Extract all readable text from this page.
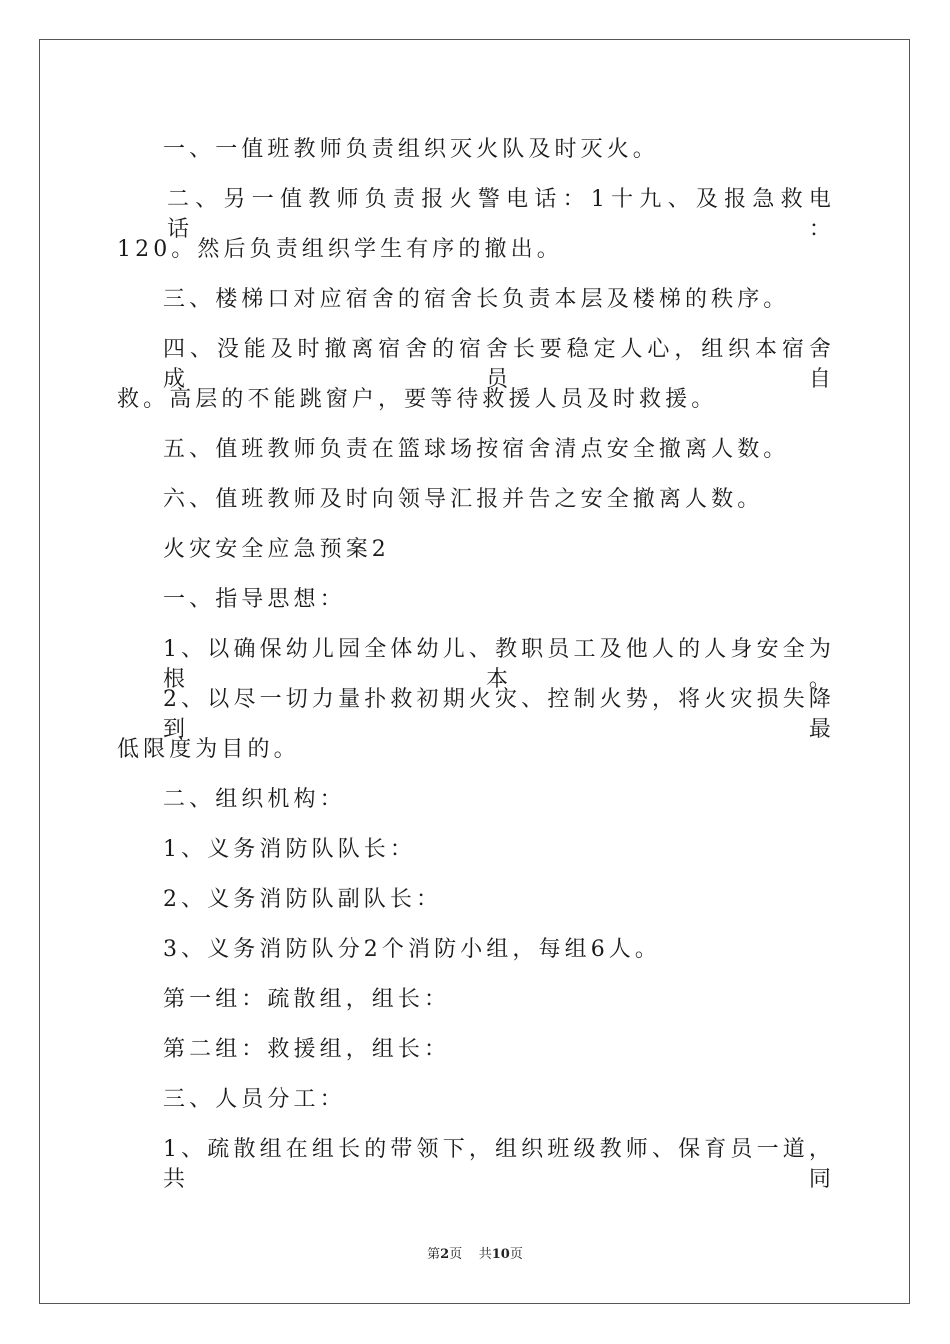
一、一值班教师负责组织灭火队及时灭火。
二、另一值教师负责报火警电话：1十九、及报急救电话：
120。然后负责组织学生有序的撤出。
三、楼梯口对应宿舍的宿舍长负责本层及楼梯的秩序。
四、没能及时撤离宿舍的宿舍长要稳定人心，组织本宿舍成员自
救。高层的不能跳窗户，要等待救援人员及时救援。
五、值班教师负责在篮球场按宿舍清点安全撤离人数。
六、值班教师及时向领导汇报并告之安全撤离人数。
火灾安全应急预案2
一、指导思想：
1、以确保幼儿园全体幼儿、教职员工及他人的人身安全为根本。
2、以尽一切力量扑救初期火灾、控制火势，将火灾损失降到最
低限度为目的。
二、组织机构：
1、义务消防队队长：
2、义务消防队副队长：
3、义务消防队分2个消防小组，每组6人。
第一组：疏散组，组长：
第二组：救援组，组长：
三、人员分工：
1、疏散组在组长的带领下，组织班级教师、保育员一道，共同
第2页    共10页
